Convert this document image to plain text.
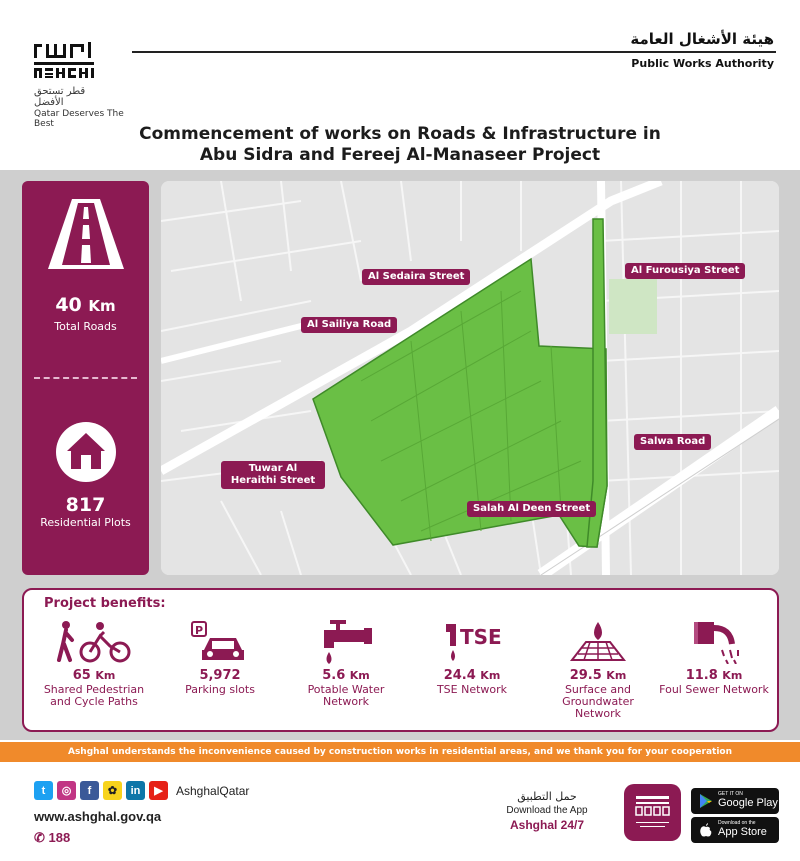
قطر تستحق الأفضل
Qatar Deserves The Best
هيئة الأشغال العامة
Public Works Authority
Commencement of works on Roads & Infrastructure in
Abu Sidra and Fereej Al-Manaseer Project
40 Km
Total Roads
817
Residential Plots
Al Sedaira Street
Al Sailiya Road
Al Furousiya Street
Salwa Road
Tuwar Al Heraithi Street
Salah Al Deen Street
Project benefits:
65 Km
Shared Pedestrian and Cycle Paths
P
5,972
Parking slots
5.6 Km
Potable Water Network
TSE
24.4 Km
TSE Network
29.5 Km
Surface and Groundwater Network
11.8 Km
Foul Sewer Network
Ashghal understands the inconvenience caused by construction works in residential areas, and we thank you for your cooperation
t	◎	f	✿	in	▶	AshghalQatar
www.ashghal.gov.qa
✆ 188
حمل التطبيق
Download the App
Ashghal 24/7
GET IT ON
Google Play
Download on the
App Store
